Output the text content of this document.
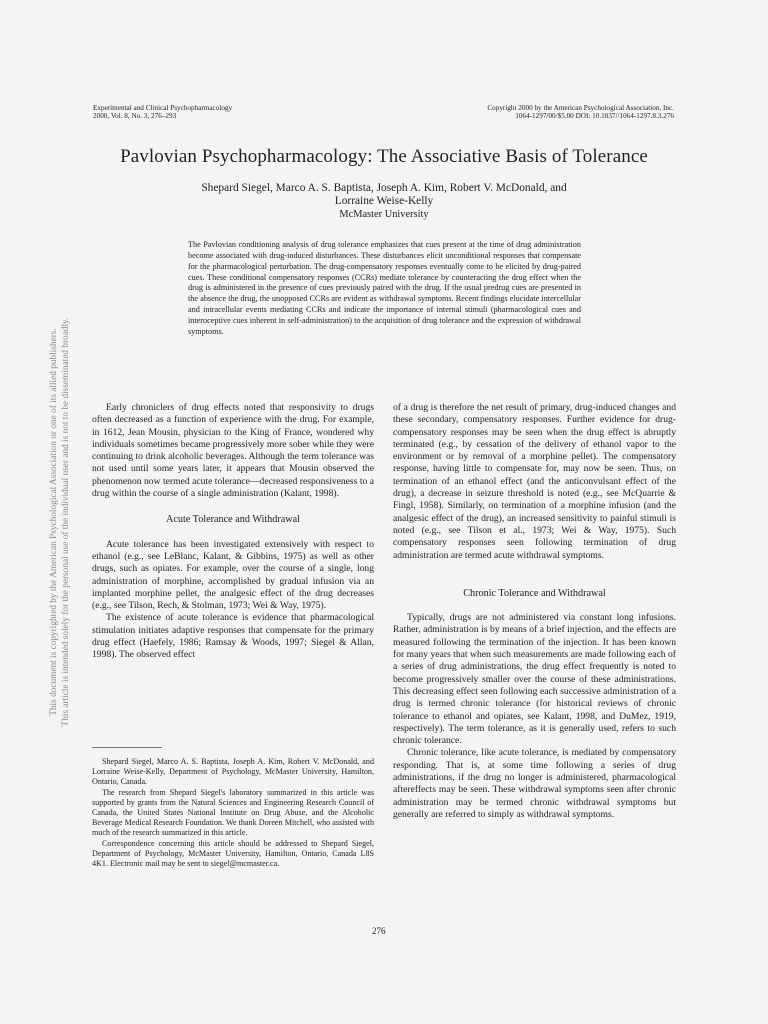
Experimental and Clinical Psychopharmacology
2000, Vol. 8, No. 3, 276–293
Copyright 2000 by the American Psychological Association, Inc.
1064-1297/00/$5.00 DOI: 10.1037//1064-1297.8.3.276
Pavlovian Psychopharmacology: The Associative Basis of Tolerance
Shepard Siegel, Marco A. S. Baptista, Joseph A. Kim, Robert V. McDonald, and
Lorraine Weise-Kelly
McMaster University
The Pavlovian conditioning analysis of drug tolerance emphasizes that cues present at the time of drug administration become associated with drug-induced disturbances. These disturbances elicit unconditional responses that compensate for the pharmacological perturbation. The drug-compensatory responses eventually come to be elicited by drug-paired cues. These conditional compensatory responses (CCRs) mediate tolerance by counteracting the drug effect when the drug is administered in the presence of cues previously paired with the drug. If the usual predrug cues are presented in the absence the drug, the unopposed CCRs are evident as withdrawal symptoms. Recent findings elucidate intercellular and intracellular events mediating CCRs and indicate the importance of internal stimuli (pharmacological cues and interoceptive cues inherent in self-administration) to the acquisition of drug tolerance and the expression of withdrawal symptoms.

Early chroniclers of drug effects noted that responsivity to drugs often decreased as a function of experience with the drug. For example, in 1612, Jean Mousin, physician to the King of France, wondered why individuals sometimes became progressively more sober while they were continuing to drink alcoholic beverages. Although the term tolerance was not used until some years later, it appears that Mousin observed the phenomenon now termed acute tolerance—decreased responsiveness to a drug within the course of a single administration (Kalant, 1998).

Acute Tolerance and Withdrawal

Acute tolerance has been investigated extensively with respect to ethanol (e.g., see LeBlanc, Kalant, & Gibbins, 1975) as well as other drugs, such as opiates. For example, over the course of a single, long administration of morphine, accomplished by gradual infusion via an implanted morphine pellet, the analgesic effect of the drug decreases (e.g., see Tilson, Rech, & Stolman, 1973; Wei & Way, 1975).

The existence of acute tolerance is evidence that pharmacological stimulation initiates adaptive responses that compensate for the primary drug effect (Haefely, 1986; Ramsay & Woods, 1997; Siegel & Allan, 1998). The observed effect

Shepard Siegel, Marco A. S. Baptista, Joseph A. Kim, Robert V. McDonald, and Lorraine Weise-Kelly, Department of Psychology, McMaster University, Hamilton, Ontario, Canada.

The research from Shepard Siegel's laboratory summarized in this article was supported by grants from the Natural Sciences and Engineering Research Council of Canada, the United States National Institute on Drug Abuse, and the Alcoholic Beverage Medical Research Foundation. We thank Doreen Mitchell, who assisted with much of the research summarized in this article.

Correspondence concerning this article should be addressed to Shepard Siegel, Department of Psychology, McMaster University, Hamilton, Ontario, Canada L8S 4K1. Electronic mail may be sent to siegel@mcmaster.ca.

of a drug is therefore the net result of primary, drug-induced changes and these secondary, compensatory responses. Further evidence for drug-compensatory responses may be seen when the drug effect is abruptly terminated (e.g., by cessation of the delivery of ethanol vapor to the environment or by removal of a morphine pellet). The compensatory response, having little to compensate for, may now be seen. Thus, on termination of an ethanol effect (and the anticonvulsant effect of the drug), a decrease in seizure threshold is noted (e.g., see McQuarrie & Fingl, 1958). Similarly, on termination of a morphine infusion (and the analgesic effect of the drug), an increased sensitivity to painful stimuli is noted (e.g., see Tilson et al., 1973; Wei & Way, 1975). Such compensatory responses seen following termination of drug administration are termed acute withdrawal symptoms.

Chronic Tolerance and Withdrawal

Typically, drugs are not administered via constant long infusions. Rather, administration is by means of a brief injection, and the effects are measured following the termination of the injection. It has been known for many years that when such measurements are made following each of a series of drug administrations, the drug effect frequently is noted to become progressively smaller over the course of these administrations. This decreasing effect seen following each successive administration of a drug is termed chronic tolerance (for historical reviews of chronic tolerance to ethanol and opiates, see Kalant, 1998, and DuMez, 1919, respectively). The term tolerance, as it is generally used, refers to such chronic tolerance.

Chronic tolerance, like acute tolerance, is mediated by compensatory responding. That is, at some time following a series of drug administrations, if the drug no longer is administered, pharmacological aftereffects may be seen. These withdrawal symptoms seen after chronic administration may be termed chronic withdrawal symptoms but generally are referred to simply as withdrawal symptoms.

276
This document is copyrighted by the American Psychological Association or one of its allied publishers. This article is intended solely for the personal use of the individual user and is not to be disseminated broadly.
